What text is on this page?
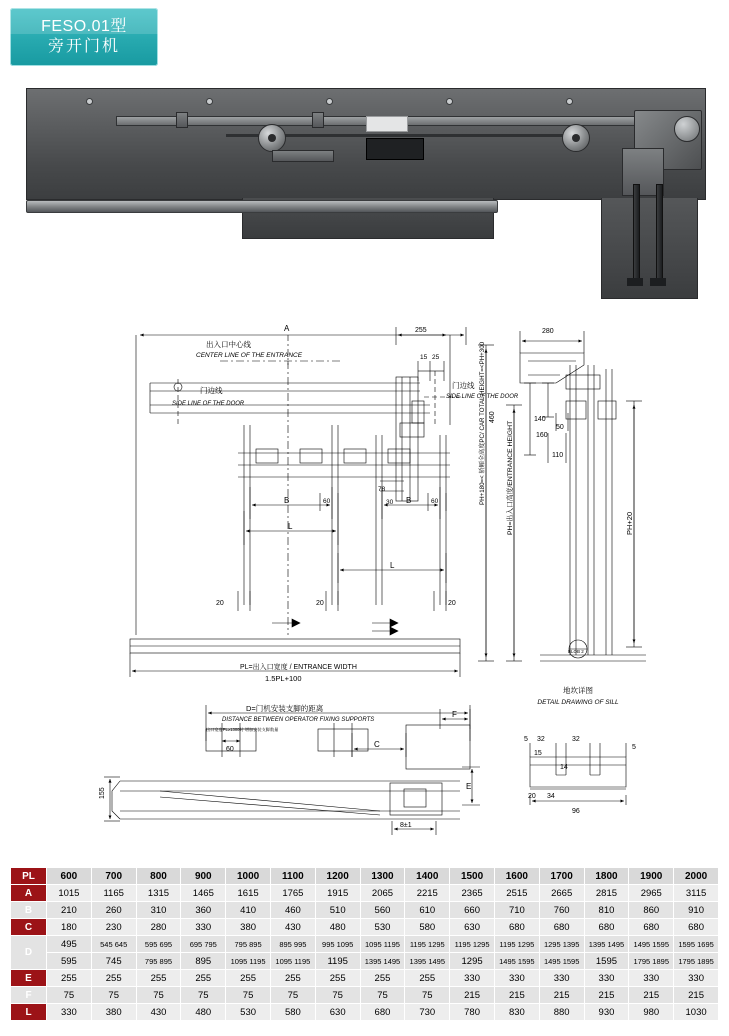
FESO.01型
旁开门机
A	255
出入口中心线
CENTER LINE OF THE ENTRANCE
门边线
SIDE LINE OF THE DOOR
门边线
SIDE LINE OF THE DOOR
15 25
78
30
B	B
60	60
L
L
20	20	20
PL=出入口宽度 / ENTRANCE WIDTH
1.5PL+100
PH+180=< 轿厢全高度PC/ CAR TOTAL HEIGHT=<PH+300	PH=出入口高度/ENTRANCE HEIGHT	PH+20
280
140
160
460
50
110
BLOB 2
地坎详图
DETAIL DRAWING OF SILL
D=门机安装支脚的距离
DISTANCE BETWEEN OPERATOR FIXING SUPPORTS
出口宽度PL≥1300时 增加安装支脚数量
60
C
F
E
155
8±1
5 32	32
14
15
5
20 34
96
PL	600	700	800	900	1000	1100	1200	1300	1400	1500	1600	1700	1800	1900	2000
A	1015	1165	1315	1465	1615	1765	1915	2065	2215	2365	2515	2665	2815	2965	3115
B	210	260	310	360	410	460	510	560	610	660	710	760	810	860	910
C	180	230	280	330	380	430	480	530	580	630	680	680	680	680	680
D	495	545 645	595 695	695 795	795 895	895 995	995 1095	1095 1195	1195 1295	1195 1295	1195 1295	1295 1395	1395 1495	1495 1595	1595 1695

	595	745	795 895	895	1095 1195	1095 1195	1195	1395 1495	1395 1495	1295	1495 1595	1495 1595	1595	1795 1895	1795 1895

E	255	255	255	255	255	255	255	255	255	330	330	330	330	330	330
F	75	75	75	75	75	75	75	75	75	215	215	215	215	215	215
L	330	380	430	480	530	580	630	680	730	780	830	880	930	980	1030
